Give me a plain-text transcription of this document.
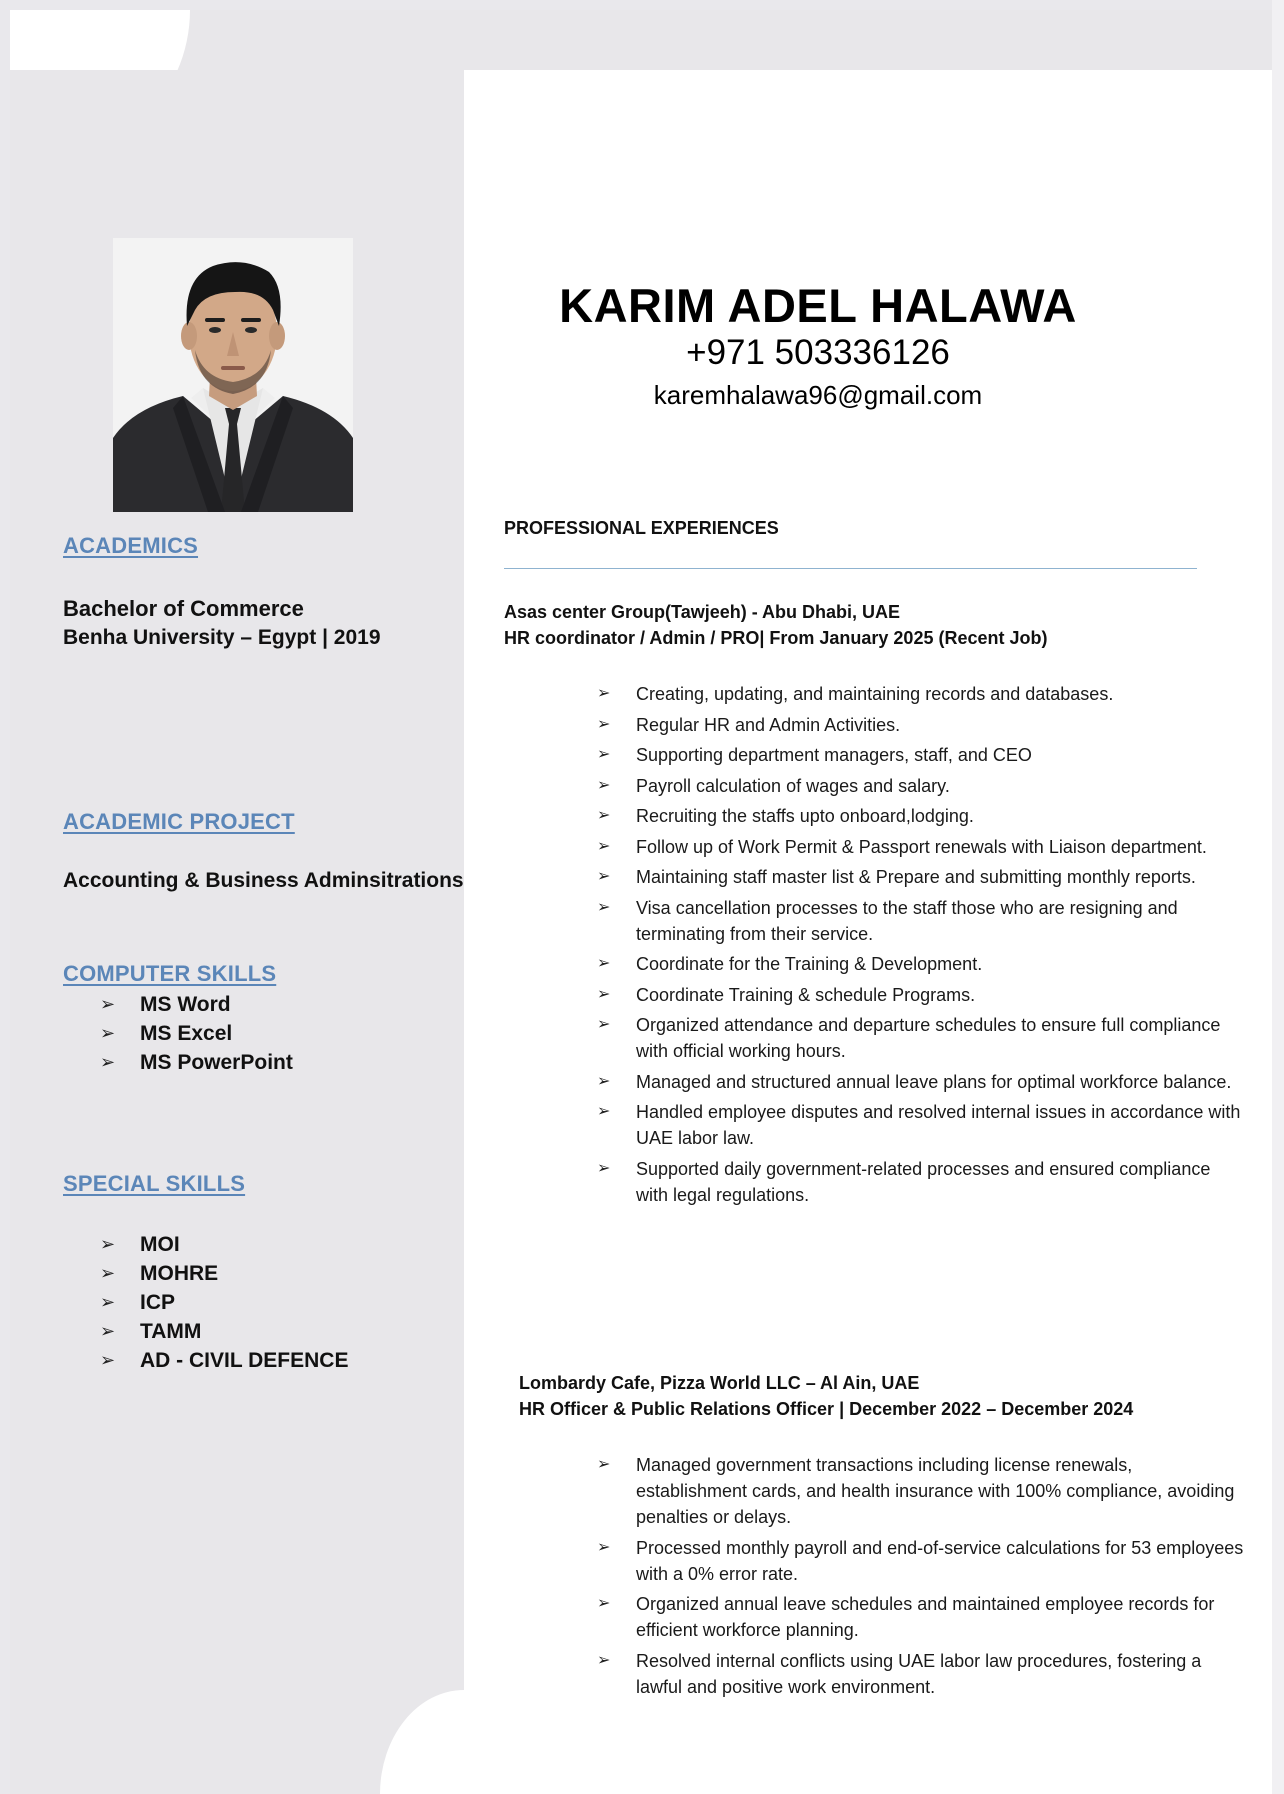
ACADEMICS
Bachelor of Commerce
Benha University – Egypt | 2019
ACADEMIC PROJECT
Accounting & Business Adminsitrations
COMPUTER SKILLS
➢ MS Word
➢ MS Excel
➢ MS PowerPoint
SPECIAL SKILLS
➢ MOI
➢ MOHRE
➢ ICP
➢ TAMM
➢ AD - CIVIL DEFENCE
KARIM ADEL HALAWA
+971 503336126
karemhalawa96@gmail.com
PROFESSIONAL EXPERIENCES
Asas center Group(Tawjeeh) - Abu Dhabi, UAE
HR coordinator / Admin / PRO| From January 2025 (Recent Job)
➢ Creating, updating, and maintaining records and databases.
➢ Regular HR and Admin Activities.
➢ Supporting department managers, staff, and CEO
➢ Payroll calculation of wages and salary.
➢ Recruiting the staffs upto onboard,lodging.
➢ Follow up of Work Permit & Passport renewals with Liaison department.
➢ Maintaining staff master list & Prepare and submitting monthly reports.
➢ Visa cancellation processes to the staff those who are resigning and terminating from their service.
➢ Coordinate for the Training & Development.
➢ Coordinate Training & schedule Programs.
➢ Organized attendance and departure schedules to ensure full compliance with official working hours.
➢ Managed and structured annual leave plans for optimal workforce balance.
➢ Handled employee disputes and resolved internal issues in accordance with UAE labor law.
➢ Supported daily government-related processes and ensured compliance with legal regulations.
Lombardy Cafe, Pizza World LLC – Al Ain, UAE
HR Officer & Public Relations Officer | December 2022 – December 2024
➢ Managed government transactions including license renewals, establishment cards, and health insurance with 100% compliance, avoiding penalties or delays.
➢ Processed monthly payroll and end-of-service calculations for 53 employees with a 0% error rate.
➢ Organized annual leave schedules and maintained employee records for efficient workforce planning.
➢ Resolved internal conflicts using UAE labor law procedures, fostering a lawful and positive work environment.
